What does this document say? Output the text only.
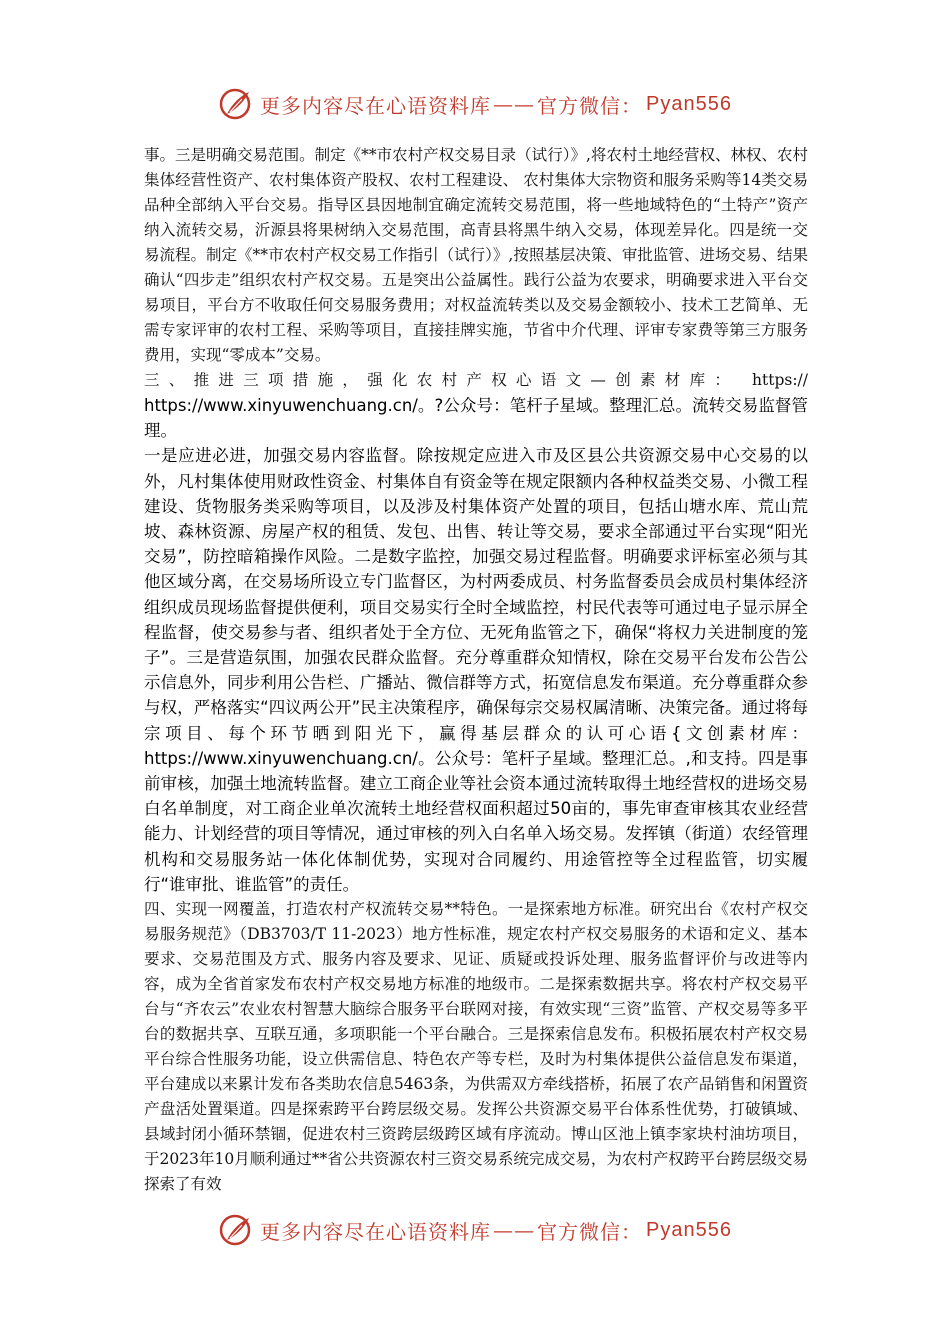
更多内容尽在心语资料库 —— 官方微信： Pyan556

事。三是明确交易范围。制定《**市农村产权交易目录（试行）》,将农村土地经营权、林权、农村集体经营性资产、农村集体资产股权、农村工程建设、 农村集体大宗物资和服务采购等14类交易品种全部纳入平台交易。指导区县因地制宜确定流转交易范围，将一些地域特色的“土特产”资产纳入流转交易，沂源县将果树纳入交易范围，高青县将黑牛纳入交易，体现差异化。四是统一交易流程。制定《**市农村产权交易工作指引（试行）》,按照基层决策、审批监管、进场交易、结果确认“四步走”组织农村产权交易。五是突出公益属性。践行公益为农要求，明确要求进入平台交易项目，平台方不收取任何交易服务费用；对权益流转类以及交易金额较小、技术工艺简单、无需专家评审的农村工程、采购等项目，直接挂牌实施，节省中介代理、评审专家费等第三方服务费用，实现“零成本”交易。

三、推进三项措施，强化农村产权心语文—创素材库： https://

https://www.xinyuwenchuang.cn/。?公众号：笔杆子星域。整理汇总。流转交易监督管理。

一是应进必进，加强交易内容监督。除按规定应进入市及区县公共资源交易中心交易的以外，凡村集体使用财政性资金、村集体自有资金等在规定限额内各种权益类交易、小微工程建设、货物服务类采购等项目，以及涉及村集体资产处置的项目，包括山塘水库、荒山荒坡、森林资源、房屋产权的租赁、发包、出售、转让等交易，要求全部通过平台实现“阳光交易”，防控暗箱操作风险。二是数字监控，加强交易过程监督。明确要求评标室必须与其他区域分离，在交易场所设立专门监督区，为村两委成员、村务监督委员会成员村集体经济组织成员现场监督提供便利，项目交易实行全时全域监控，村民代表等可通过电子显示屏全程监督，使交易参与者、组织者处于全方位、无死角监管之下，确保“将权力关进制度的笼子”。三是营造氛围，加强农民群众监督。充分尊重群众知情权，除在交易平台发布公告公示信息外，同步利用公告栏、广播站、微信群等方式，拓宽信息发布渠道。充分尊重群众参与权，严格落实“四议两公开”民主决策程序，确保每宗交易权属清晰、决策完备。通过将每宗项目、每个环节晒到阳光下，赢得基层群众的认可心语{文创素材库：https://www.xinyuwenchuang.cn/。公众号：笔杆子星域。整理汇总。,和支持。四是事前审核，加强土地流转监督。建立工商企业等社会资本通过流转取得土地经营权的进场交易白名单制度，对工商企业单次流转土地经营权面积超过50亩的，事先审查审核其农业经营能力、计划经营的项目等情况，通过审核的列入白名单入场交易。发挥镇（街道）农经管理机构和交易服务站一体化体制优势，实现对合同履约、用途管控等全过程监管，切实履行“谁审批、谁监管”的责任。

四、实现一网覆盖，打造农村产权流转交易**特色。一是探索地方标准。研究出台《农村产权交易服务规范》（DB3703/T 11-2023）地方性标准，规定农村产权交易服务的术语和定义、基本要求、交易范围及方式、服务内容及要求、见证、质疑或投诉处理、服务监督评价与改进等内容，成为全省首家发布农村产权交易地方标准的地级市。二是探索数据共享。将农村产权交易平台与“齐农云”农业农村智慧大脑综合服务平台联网对接，有效实现“三资”监管、产权交易等多平台的数据共享、互联互通，多项职能一个平台融合。三是探索信息发布。积极拓展农村产权交易平台综合性服务功能，设立供需信息、特色农产等专栏，及时为村集体提供公益信息发布渠道，平台建成以来累计发布各类助农信息5463条，为供需双方牵线搭桥，拓展了农产品销售和闲置资产盘活处置渠道。四是探索跨平台跨层级交易。发挥公共资源交易平台体系性优势，打破镇域、县域封闭小循环禁锢，促进农村三资跨层级跨区域有序流动。博山区池上镇李家块村油坊项目，于2023年10月顺利通过**省公共资源农村三资交易系统完成交易，为农村产权跨平台跨层级交易探索了有效

更多内容尽在心语资料库 —— 官方微信： Pyan556
